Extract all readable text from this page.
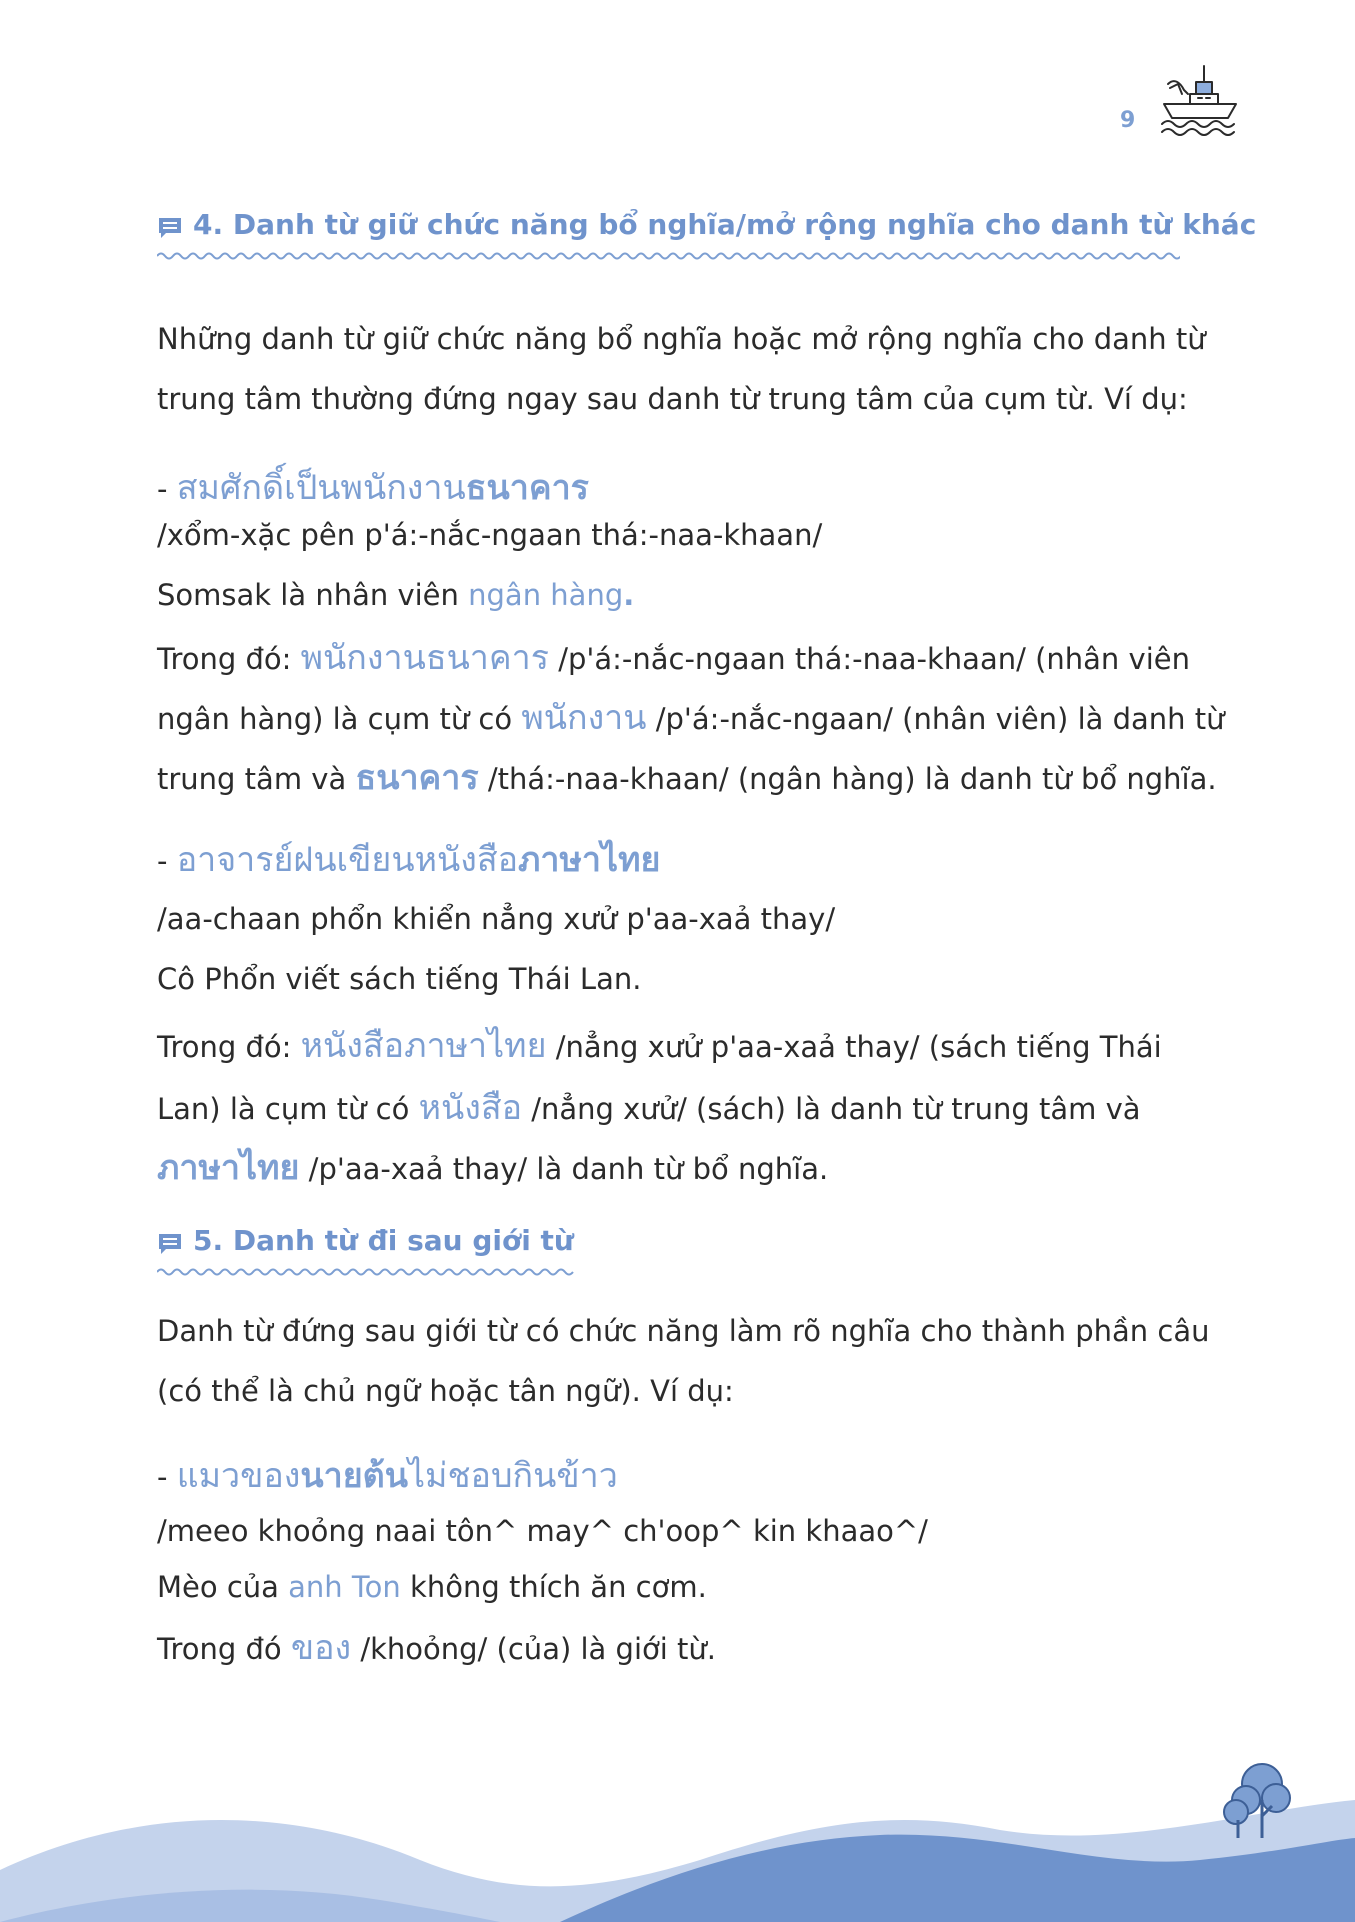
9
4. Danh từ giữ chức năng bổ nghĩa/mở rộng nghĩa cho danh từ khác
Những danh từ giữ chức năng bổ nghĩa hoặc mở rộng nghĩa cho danh từ
trung tâm thường đứng ngay sau danh từ trung tâm của cụm từ. Ví dụ:
- สมศักดิ์เป็นพนักงานธนาคาร
/xổm-xặc pên p'á:-nắc-ngaan thá:-naa-khaan/
Somsak là nhân viên ngân hàng.
Trong đó: พนักงานธนาคาร /p'á:-nắc-ngaan thá:-naa-khaan/ (nhân viên
ngân hàng) là cụm từ có พนักงาน /p'á:-nắc-ngaan/ (nhân viên) là danh từ
trung tâm và ธนาคาร /thá:-naa-khaan/ (ngân hàng) là danh từ bổ nghĩa.
- อาจารย์ฝนเขียนหนังสือภาษาไทย
/aa-chaan phổn khiển nẳng xưử p'aa-xaả thay/
Cô Phổn viết sách tiếng Thái Lan.
Trong đó: หนังสือภาษาไทย /nẳng xưử p'aa-xaả thay/ (sách tiếng Thái
Lan) là cụm từ có หนังสือ /nẳng xưử/ (sách) là danh từ trung tâm và
ภาษาไทย /p'aa-xaả thay/ là danh từ bổ nghĩa.
5. Danh từ đi sau giới từ
Danh từ đứng sau giới từ có chức năng làm rõ nghĩa cho thành phần câu
(có thể là chủ ngữ hoặc tân ngữ). Ví dụ:
- แมวของนายต้นไม่ชอบกินข้าว
/meeo khoỏng naai tôn^ may^ ch'oop^ kin khaao^/
Mèo của anh Ton không thích ăn cơm.
Trong đó ของ /khoỏng/ (của) là giới từ.
